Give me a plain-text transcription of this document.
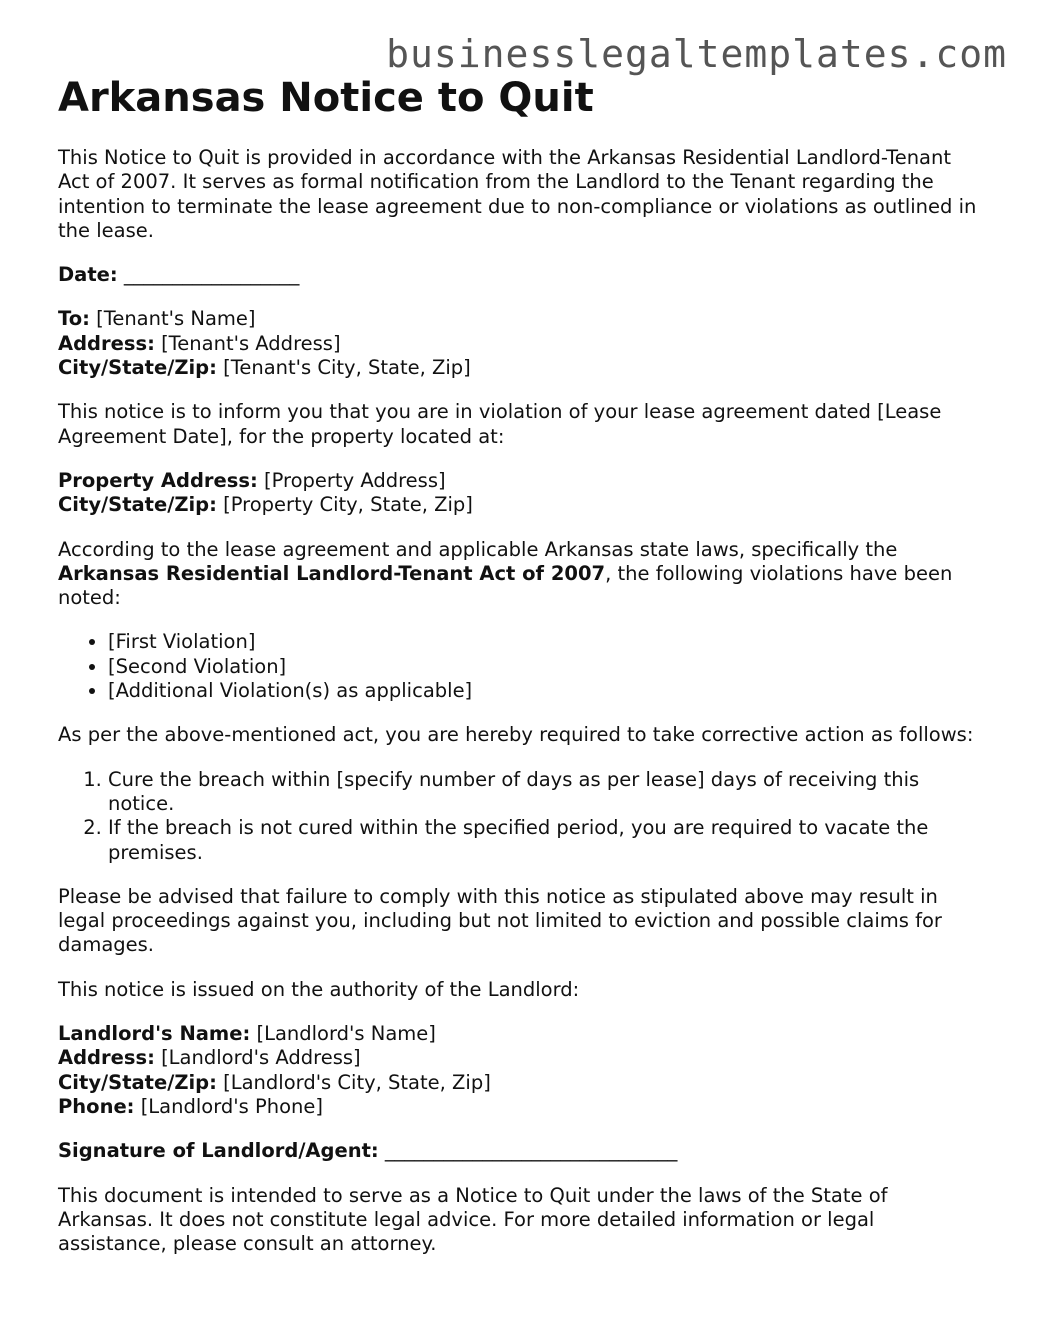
businesslegaltemplates.com
Arkansas Notice to Quit

This Notice to Quit is provided in accordance with the Arkansas Residential Landlord-Tenant Act of 2007. It serves as formal notification from the Landlord to the Tenant regarding the intention to terminate the lease agreement due to non-compliance or violations as outlined in the lease.

Date: __________________

To: [Tenant's Name]
Address: [Tenant's Address]
City/State/Zip: [Tenant's City, State, Zip]

This notice is to inform you that you are in violation of your lease agreement dated [Lease Agreement Date], for the property located at:

Property Address: [Property Address]
City/State/Zip: [Property City, State, Zip]

According to the lease agreement and applicable Arkansas state laws, specifically the Arkansas Residential Landlord-Tenant Act of 2007, the following violations have been noted:

• [First Violation]
• [Second Violation]
• [Additional Violation(s) as applicable]

As per the above-mentioned act, you are hereby required to take corrective action as follows:

1. Cure the breach within [specify number of days as per lease] days of receiving this notice.
2. If the breach is not cured within the specified period, you are required to vacate the premises.

Please be advised that failure to comply with this notice as stipulated above may result in legal proceedings against you, including but not limited to eviction and possible claims for damages.

This notice is issued on the authority of the Landlord:

Landlord's Name: [Landlord's Name]
Address: [Landlord's Address]
City/State/Zip: [Landlord's City, State, Zip]
Phone: [Landlord's Phone]

Signature of Landlord/Agent: ______________________________

This document is intended to serve as a Notice to Quit under the laws of the State of Arkansas. It does not constitute legal advice. For more detailed information or legal assistance, please consult an attorney.
